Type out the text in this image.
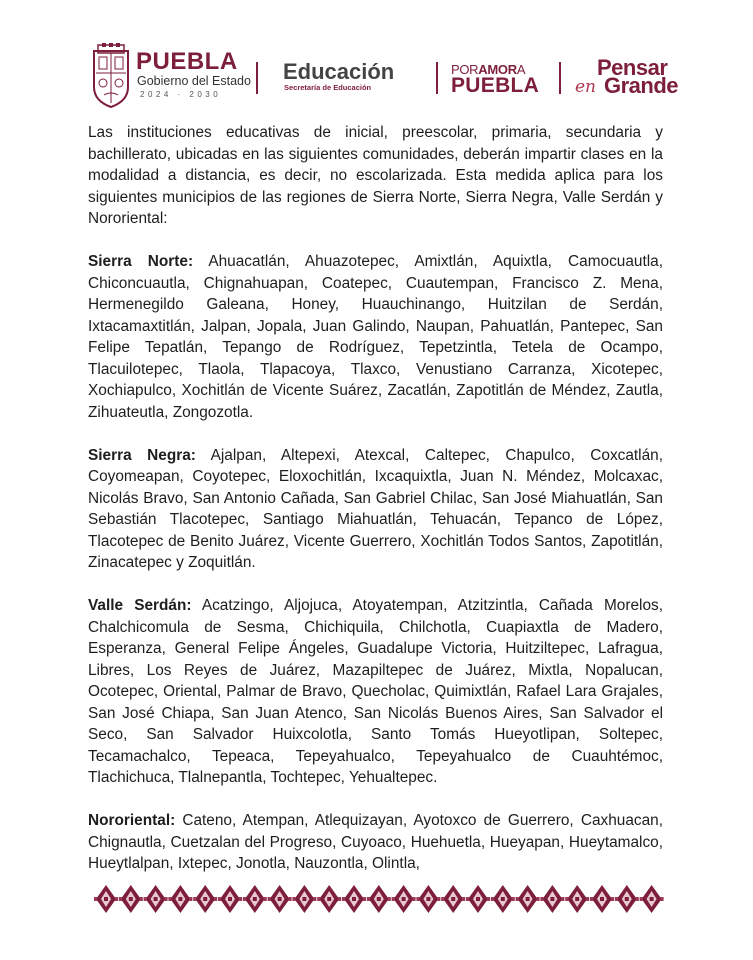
PUEBLA
Gobierno del Estado
2024 · 2030
Educación
Secretaría de Educación
PORAMORA
PUEBLA
Pensar
en Grande

Las instituciones educativas de inicial, preescolar, primaria, secundaria y bachillerato, ubicadas en las siguientes comunidades, deberán impartir clases en la modalidad a distancia, es decir, no escolarizada. Esta medida aplica para los siguientes municipios de las regiones de Sierra Norte, Sierra Negra, Valle Serdán y Nororiental:

Sierra Norte: Ahuacatlán, Ahuazotepec, Amixtlán, Aquixtla, Camocuautla, Chiconcuautla, Chignahuapan, Coatepec, Cuautempan, Francisco Z. Mena, Hermenegildo Galeana, Honey, Huauchinango, Huitzilan de Serdán, Ixtacamaxtitlán, Jalpan, Jopala, Juan Galindo, Naupan, Pahuatlán, Pantepec, San Felipe Tepatlán, Tepango de Rodríguez, Tepetzintla, Tetela de Ocampo, Tlacuilotepec, Tlaola, Tlapacoya, Tlaxco, Venustiano Carranza, Xicotepec, Xochiapulco, Xochitlán de Vicente Suárez, Zacatlán, Zapotitlán de Méndez, Zautla, Zihuateutla, Zongozotla.

Sierra Negra: Ajalpan, Altepexi, Atexcal, Caltepec, Chapulco, Coxcatlán, Coyomeapan, Coyotepec, Eloxochitlán, Ixcaquixtla, Juan N. Méndez, Molcaxac, Nicolás Bravo, San Antonio Cañada, San Gabriel Chilac, San José Miahuatlán, San Sebastián Tlacotepec, Santiago Miahuatlán, Tehuacán, Tepanco de López, Tlacotepec de Benito Juárez, Vicente Guerrero, Xochitlán Todos Santos, Zapotitlán, Zinacatepec y Zoquitlán.

Valle Serdán: Acatzingo, Aljojuca, Atoyatempan, Atzitzintla, Cañada Morelos, Chalchicomula de Sesma, Chichiquila, Chilchotla, Cuapiaxtla de Madero, Esperanza, General Felipe Ángeles, Guadalupe Victoria, Huitziltepec, Lafragua, Libres, Los Reyes de Juárez, Mazapiltepec de Juárez, Mixtla, Nopalucan, Ocotepec, Oriental, Palmar de Bravo, Quecholac, Quimixtlán, Rafael Lara Grajales, San José Chiapa, San Juan Atenco, San Nicolás Buenos Aires, San Salvador el Seco, San Salvador Huixcolotla, Santo Tomás Hueyotlipan, Soltepec, Tecamachalco, Tepeaca, Tepeyahualco, Tepeyahualco de Cuauhtémoc, Tlachichuca, Tlalnepantla, Tochtepec, Yehualtepec.

Nororiental: Cateno, Atempan, Atlequizayan, Ayotoxco de Guerrero, Caxhuacan, Chignautla, Cuetzalan del Progreso, Cuyoaco, Huehuetla, Hueyapan, Hueytamalco, Hueytlalpan, Ixtepec, Jonotla, Nauzontla, Olintla,
